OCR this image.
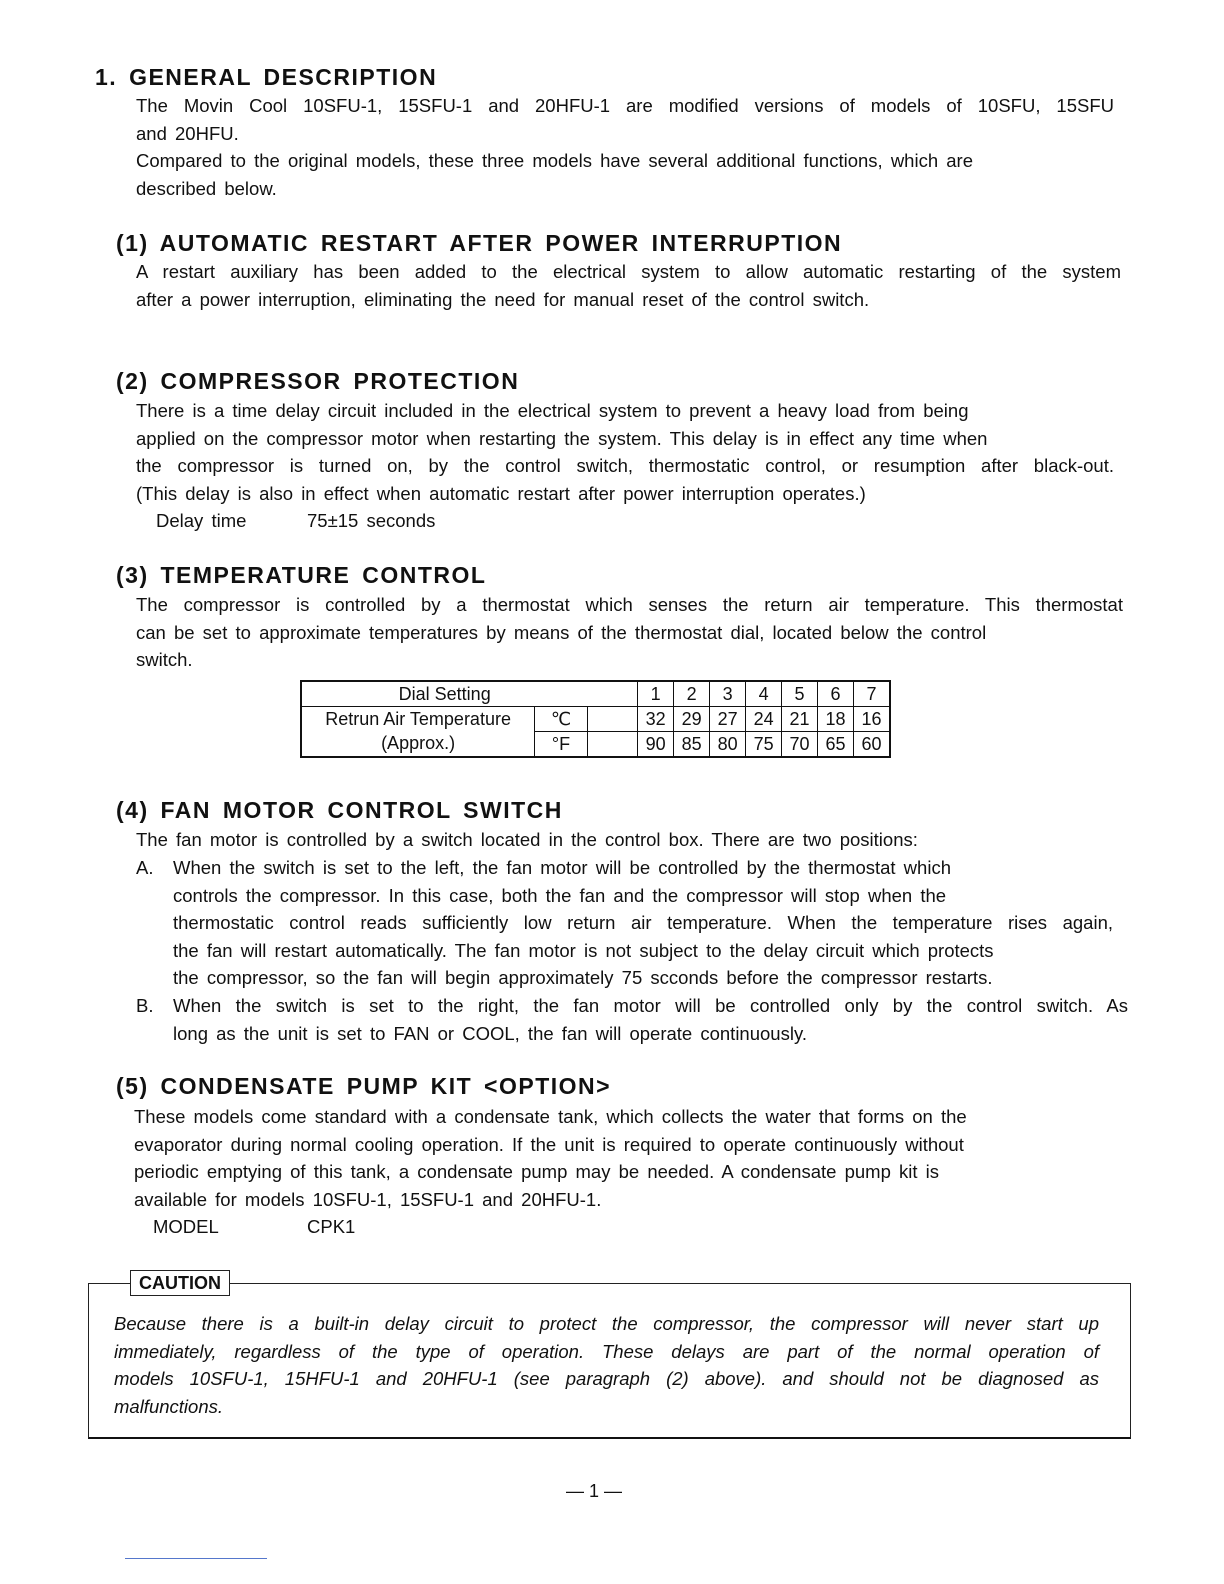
1. GENERAL DESCRIPTION
The Movin Cool 10SFU-1, 15SFU-1 and 20HFU-1 are modified versions of models of 10SFU, 15SFU
and 20HFU.
Compared to the original models, these three models have several additional functions, which are
described below.
(1) AUTOMATIC RESTART AFTER POWER INTERRUPTION
A restart auxiliary has been added to the electrical system to allow automatic restarting of the system
after a power interruption, eliminating the need for manual reset of the control switch.
(2) COMPRESSOR PROTECTION
There is a time delay circuit included in the electrical system to prevent a heavy load from being
applied on the compressor motor when restarting the system. This delay is in effect any time when
the compressor is turned on, by the control switch, thermostatic control, or resumption after black-out.
(This delay is also in effect when automatic restart after power interruption operates.)
Delay time	75±15 seconds
(3) TEMPERATURE CONTROL
The compressor is controlled by a thermostat which senses the return air temperature. This thermostat
can be set to approximate temperatures by means of the thermostat dial, located below the control
switch.
Dial Setting			1	2	3	4	5	6	7
Retrun Air Temperature	℃		32	29	27	24	21	18	16
(Approx.)	°F		90	85	80	75	70	65	60
(4) FAN MOTOR CONTROL SWITCH
The fan motor is controlled by a switch located in the control box. There are two positions:
A. When the switch is set to the left, the fan motor will be controlled by the thermostat which
controls the compressor. In this case, both the fan and the compressor will stop when the
thermostatic control reads sufficiently low return air temperature. When the temperature rises again,
the fan will restart automatically. The fan motor is not subject to the delay circuit which protects
the compressor, so the fan will begin approximately 75 scconds before the compressor restarts.
B. When the switch is set to the right, the fan motor will be controlled only by the control switch. As
long as the unit is set to FAN or COOL, the fan will operate continuously.
(5) CONDENSATE PUMP KIT <OPTION>
These models come standard with a condensate tank, which collects the water that forms on the
evaporator during normal cooling operation. If the unit is required to operate continuously without
periodic emptying of this tank, a condensate pump may be needed. A condensate pump kit is
available for models 10SFU-1, 15SFU-1 and 20HFU-1.
MODEL	CPK1
CAUTION
Because there is a built-in delay circuit to protect the compressor, the compressor will never start up
immediately, regardless of the type of operation. These delays are part of the normal operation of
models 10SFU-1, 15HFU-1 and 20HFU-1 (see paragraph (2) above). and should not be diagnosed as
malfunctions.
— 1 —
